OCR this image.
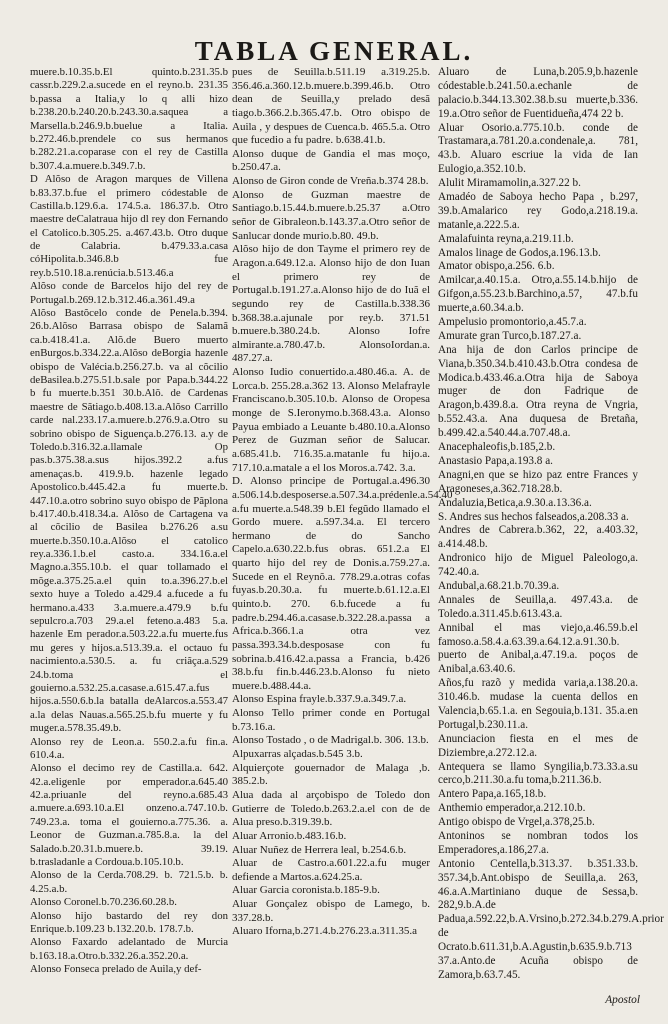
TABLA GENERAL.

muere.b.10.35.b.El quinto.b.231.35.b cassr.b.229.2.a.sucede en el reyno.b. 231.35 b.passa a Italia,y lo q alli hizo b.238.20.b.240.20.b.243.30.a.saquea a Marsella.b.246.9.b.buelue a Italia. b.272.46.b.prendele co sus hermanos b.282.21.a.coparase con el rey de Castilla b.307.4.a.muere.b.349.7.b.

D Alõso de Aragon marques de Villena b.83.37.b.fue el primero códestable de Castilla.b.129.6.a. 174.5.a. 186.37.b. Otro maestre deCalatraua hijo dl rey don Fernando el Catolico.b.305.25. a.467.43.b. Otro duque de Calabria. b.479.33.a.casa cóHipolita.b.346.8.b fue rey.b.510.18.a.renúcia.b.513.46.a

Alõso conde de Barcelos hijo del rey de Portugal.b.269.12.b.312.46.a.361.49.a

Alõso Bastõcelo conde de Penela.b.394. 26.b.Alõso Barrasa obispo de Salamã ca.b.418.41.a. Alõ.de Buero muerto enBurgos.b.334.22.a.Alõso deBorgia hazenle obispo de Valécia.b.256.27.b. va al cõcilio deBasilea.b.275.51.b.sale por Papa.b.344.22 b fu muerte.b.351 30.b.Alõ. de Cardenas maestre de Sãtiago.b.408.13.a.Alõso Carrillo carde nal.233.17.a.muere.b.276.9.a.Otro su sobrino obispo de Siguença.b.276.13. a.y de Toledo.b.316.32.a.llamale Op pas.b.375.38.a.sus hijos.392.2 a.fus amenaças.b. 419.9.b. hazenle legado Apostolico.b.445.42.a fu muerte.b. 447.10.a.otro sobrino suyo obispo de Pãplona b.417.40.b.418.34.a. Alõso de Cartagena va al cõcilio de Basilea b.276.26 a.su muerte.b.350.10.a.Alõso el catolico rey.a.336.1.b.el casto.a. 334.16.a.el Magno.a.355.10.b. el quar tollamado el mõge.a.375.25.a.el quin to.a.396.27.b.el sexto huye a Toledo a.429.4 a.fucede a fu hermano.a.433 3.a.muere.a.479.9 b.fu sepulcro.a.703 29.a.el feteno.a.483 5.a. hazenle Em perador.a.503.22.a.fu muerte.fus mu geres y hijos.a.513.39.a. el octauo fu nacimiento.a.530.5. a. fu criãça.a.529 24.b.toma el gouierno.a.532.25.a.casase.a.615.47.a.fus hijos.a.550.6.b.la batalla deAlarcos.a.553.47 a.la delas Nauas.a.565.25.b.fu muerte y fu muger.a.578.35.49.b.

Alonso rey de Leon.a. 550.2.a.fu fin.a. 610.4.a.

Alonso el decimo rey de Castilla.a. 642. 42.a.eligenle por emperador.a.645.40 42.a.priuanle del reyno.a.685.43 a.muere.a.693.10.a.El onzeno.a.747.10.b. 749.23.a. toma el gouierno.a.775.36. a. Leonor de Guzman.a.785.8.a. la del Salado.b.20.31.b.muere.b. 39.19. b.trasladanle a Cordoua.b.105.10.b.

Alonso de la Cerda.708.29. b. 721.5.b. b. 4.25.a.b.

Alonso Coronel.b.70.236.60.28.b.

Alonso hijo bastardo del rey don Enrique.b.109.23 b.132.20.b. 178.7.b.

Alonso Faxardo adelantado de Murcia b.163.18.a.Otro.b.332.26.a.352.20.a.

Alonso Fonseca prelado de Auila,y def-

pues de Seuilla.b.511.19 a.319.25.b. 356.46.a.360.12.b.muere.b.399.46.b. Otro dean de Seuilla,y prelado desã tiago.b.366.2.b.365.47.b. Otro obispo de Auila , y despues de Cuenca.b. 465.5.a. Otro que fucedio a fu padre. b.638.41.b.

Alonso duque de Gandia el mas moço, b.250.47.a.

Alonso de Giron conde de Vreña.b.374 28.b.

Alonso de Guzman maestre de Santiago.b.15.44.b.muere.b.25.37 a.Otro señor de Gibraleon.b.143.37.a.Otro señor de Sanlucar donde murio.b.80. 49.b.

Alõso hijo de don Tayme el primero rey de Aragon.a.649.12.a. Alonso hijo de don Iuan el primero rey de Portugal.b.191.27.a.Alonso hijo de do Iuã el segundo rey de Castilla.b.338.36 b.368.38.a.ajunale por rey.b. 371.51 b.muere.b.380.24.b. Alonso Iofre almirante.a.780.47.b. AlonsoIordan.a. 487.27.a.

Alonso Iudio conuertido.a.480.46.a. A. de Lorca.b. 255.28.a.362 13. Alonso Melafrayle Franciscano.b.305.10.b. Alonso de Oropesa monge de S.Ieronymo.b.368.43.a. Alonso Payua embiado a Leuante b.480.10.a.Alonso Perez de Guzman señor de Salucar. a.685.41.b. 716.35.a.matanle fu hijo.a. 717.10.a.matale a el los Moros.a.742. 3.a.

D. Alonso principe de Portugal.a.496.30 a.506.14.b.desposerse.a.507.34.a.prédenle.a.54.40 a.fu muerte.a.548.39 b.El fegũdo llamado el Gordo muere. a.597.34.a. El tercero hermano de do Sancho Capelo.a.630.22.b.fus obras. 651.2.a El quarto hijo del rey de Donis.a.759.27.a. Sucede en el Reynõ.a. 778.29.a.otras cofas fuyas.b.20.30.a. fu muerte.b.61.12.a.El quinto.b. 270. 6.b.fucede a fu padre.b.294.46.a.casase.b.322.28.a.passa a Africa.b.366.1.a otra vez passa.393.34.b.desposase con fu sobrina.b.416.42.a.passa a Francia, b.426 38.b.fu fin.b.446.23.b.Alonso fu nieto muere.b.488.44.a.

Alonso Espina frayle.b.337.9.a.349.7.a.

Alonso Tello primer conde en Portugal b.73.16.a.

Alonso Tostado , o de Madrigal.b. 306. 13.b.

Alpuxarras alçadas.b.545 3.b.

Alquierçote gouernador de Malaga ,b. 385.2.b.

Alua dada al arçobispo de Toledo don Gutierre de Toledo.b.263.2.a.el con de de Alua preso.b.319.39.b.

Aluar Arronio.b.483.16.b.

Aluar Nuñez de Herrera leal, b.254.6.b.

Aluar de Castro.a.601.22.a.fu muger defiende a Martos.a.624.25.a.

Aluar Garcia coronista.b.185-9.b.

Aluar Gonçalez obispo de Lamego, b. 337.28.b.

Aluaro Iforna,b.271.4.b.276.23.a.311.35.a

Aluaro de Luna,b.205.9,b.hazenle códestable.b.241.50.a.echanle de palacio.b.344.13.302.38.b.su muerte,b.336. 19.a.Otro señor de Fuentidueña,474 22 b.

Aluar Osorio.a.775.10.b. conde de Trastamara,a.781.20.a.condenale,a. 781, 43.b. Aluaro escriue la vida de Ian Eulogio,a.352.10.b.

Alulit Miramamolin,a.327.22 b.

Amadéo de Saboya hecho Papa , b.297, 39.b.Amalarico rey Godo,a.218.19.a. matanle,a.222.5.a.

Amalafuinta reyna,a.219.11.b.

Amalos linage de Godos,a.196.13.b.

Amator obispo,a.256. 6.b.

Amilcar,a.40.15.a. Otro,a.55.14.b.hijo de Gifgon,a.55.23.b.Barchino,a.57, 47.b.fu muerte,a.60.34.a.b.

Ampelusio promontorio,a.45.7.a.

Amurate gran Turco,b.187.27.a.

Ana hija de don Carlos principe de Viana,b.350.34.b.410.43.b.Otra condesa de Modica.b.433.46.a.Otra hija de Saboya muger de don Fadrique de Aragon,b.439.8.a. Otra reyna de Vngria, b.552.43.a. Ana duquesa de Bretaña, b.499.42.a.540.44.a.707.48.a.

Anacephaleofis,b.185,2.b.

Anastasio Papa,a.193.8 a.

Anagni,en que se hizo paz entre Frances y Aragoneses,a.362.718.28.b.

Andaluzia,Betica,a.9.30.a.13.36.a.

S. Andres sus hechos falseados,a.208.33 a.

Andres de Cabrera.b.362, 22, a.403.32, a.414.48.b.

Andronico hijo de Miguel Paleologo,a. 742.40.a.

Andubal,a.68.21.b.70.39.a.

Annales de Seuilla,a. 497.43.a. de Toledo.a.311.45.b.613.43.a.

Annibal el mas viejo,a.46.59.b.el famoso.a.58.4.a.63.39.a.64.12.a.91.30.b. puerto de Anibal,a.47.19.a. poços de Anibal,a.63.40.6.

Años,fu razõ y medida varia,a.138.20.a. 310.46.b. mudase la cuenta dellos en Valencia,b.65.1.a. en Segouia,b.131. 35.a.en Portugal,b.230.11.a.

Anunciacion fiesta en el mes de Diziembre,a.272.12.a.

Antequera se llamo Syngilia,b.73.33.a.su cerco,b.211.30.a.fu toma,b.211.36.b.

Antero Papa,a.165,18.b.

Anthemio emperador,a.212.10.b.

Antigo obispo de Vrgel,a.378,25.b.

Antoninos se nombran todos los Emperadores,a.186,27.a.

Antonio Centella,b.313.37. b.351.33.b. 357.34,b.Ant.obispo de Seuilla,a. 263, 46.a.A.Martiniano duque de Sessa,b. 282,9.b.A.de Padua,a.592.22,b.A.Vrsino,b.272.34.b.279.A.prior de Ocrato.b.611.31,b.A.Agustin,b.635.9.b.713 37.a.Anto.de Acuña obispo de Zamora,b.63.7.45.

Apostol
